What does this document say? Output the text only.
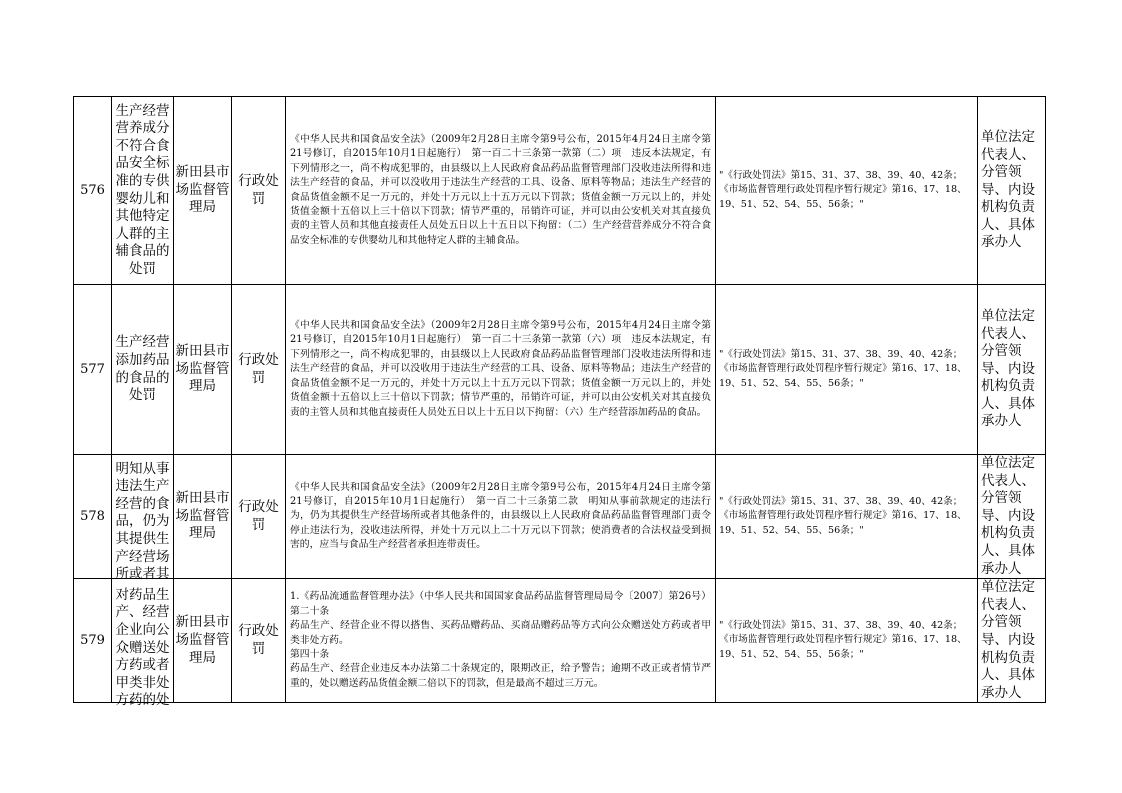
576	生产经营营养成分不符合食品安全标准的专供婴幼儿和其他特定人群的主辅食品的处罚	新田县市场监督管理局	行政处罚	《中华人民共和国食品安全法》（2009年2月28日主席令第9号公布，2015年4月24日主席令第21号修订，自2015年10月1日起施行）　第一百二十三条第一款第（二）项　违反本法规定，有下列情形之一，尚不构成犯罪的，由县级以上人民政府食品药品监督管理部门没收违法所得和违法生产经营的食品，并可以没收用于违法生产经营的工具、设备、原料等物品；违法生产经营的食品货值金额不足一万元的，并处十万元以上十五万元以下罚款；货值金额一万元以上的，并处货值金额十五倍以上三十倍以下罚款；情节严重的，吊销许可证，并可以由公安机关对其直接负责的主管人员和其他直接责任人员处五日以上十五日以下拘留：（二）生产经营营养成分不符合食品安全标准的专供婴幼儿和其他特定人群的主辅食品。	"《行政处罚法》第15、31、37、38、39、40、42条；《市场监督管理行政处罚程序暂行规定》第16、17、18、19、51、52、54、55、56条；"	单位法定代表人、分管领导、内设机构负责人、具体承办人
577	生产经营添加药品的食品的处罚	新田县市场监督管理局	行政处罚	《中华人民共和国食品安全法》（2009年2月28日主席令第9号公布，2015年4月24日主席令第21号修订，自2015年10月1日起施行）　第一百二十三条第一款第（六）项　违反本法规定，有下列情形之一，尚不构成犯罪的，由县级以上人民政府食品药品监督管理部门没收违法所得和违法生产经营的食品，并可以没收用于违法生产经营的工具、设备、原料等物品；违法生产经营的食品货值金额不足一万元的，并处十万元以上十五万元以下罚款；货值金额一万元以上的，并处货值金额十五倍以上三十倍以下罚款；情节严重的，吊销许可证，并可以由公安机关对其直接负责的主管人员和其他直接责任人员处五日以上十五日以下拘留：（六）生产经营添加药品的食品。	"《行政处罚法》第15、31、37、38、39、40、42条；《市场监督管理行政处罚程序暂行规定》第16、17、18、19、51、52、54、55、56条；"	单位法定代表人、分管领导、内设机构负责人、具体承办人
578	明知从事违法生产经营的食品，仍为其提供生产经营场所或者其	新田县市场监督管理局	行政处罚	《中华人民共和国食品安全法》（2009年2月28日主席令第9号公布，2015年4月24日主席令第21号修订，自2015年10月1日起施行）　第一百二十三条第二款　明知从事前款规定的违法行为，仍为其提供生产经营场所或者其他条件的，由县级以上人民政府食品药品监督管理部门责令停止违法行为，没收违法所得，并处十万元以上二十万元以下罚款；使消费者的合法权益受到损害的，应当与食品生产经营者承担连带责任。	"《行政处罚法》第15、31、37、38、39、40、42条；《市场监督管理行政处罚程序暂行规定》第16、17、18、19、51、52、54、55、56条；"	单位法定代表人、分管领导、内设机构负责人、具体承办人
579	对药品生产、经营企业向公众赠送处方药或者甲类非处方药的处	新田县市场监督管理局	行政处罚	1.《药品流通监督管理办法》（中华人民共和国国家食品药品监督管理局局令〔2007〕第26号）第二十条
药品生产、经营企业不得以搭售、买药品赠药品、买商品赠药品等方式向公众赠送处方药或者甲类非处方药。
第四十条
药品生产、经营企业违反本办法第二十条规定的，限期改正，给予警告；逾期不改正或者情节严重的，处以赠送药品货值金额二倍以下的罚款，但是最高不超过三万元。	"《行政处罚法》第15、31、37、38、39、40、42条；《市场监督管理行政处罚程序暂行规定》第16、17、18、19、51、52、54、55、56条；"	单位法定代表人、分管领导、内设机构负责人、具体承办人
